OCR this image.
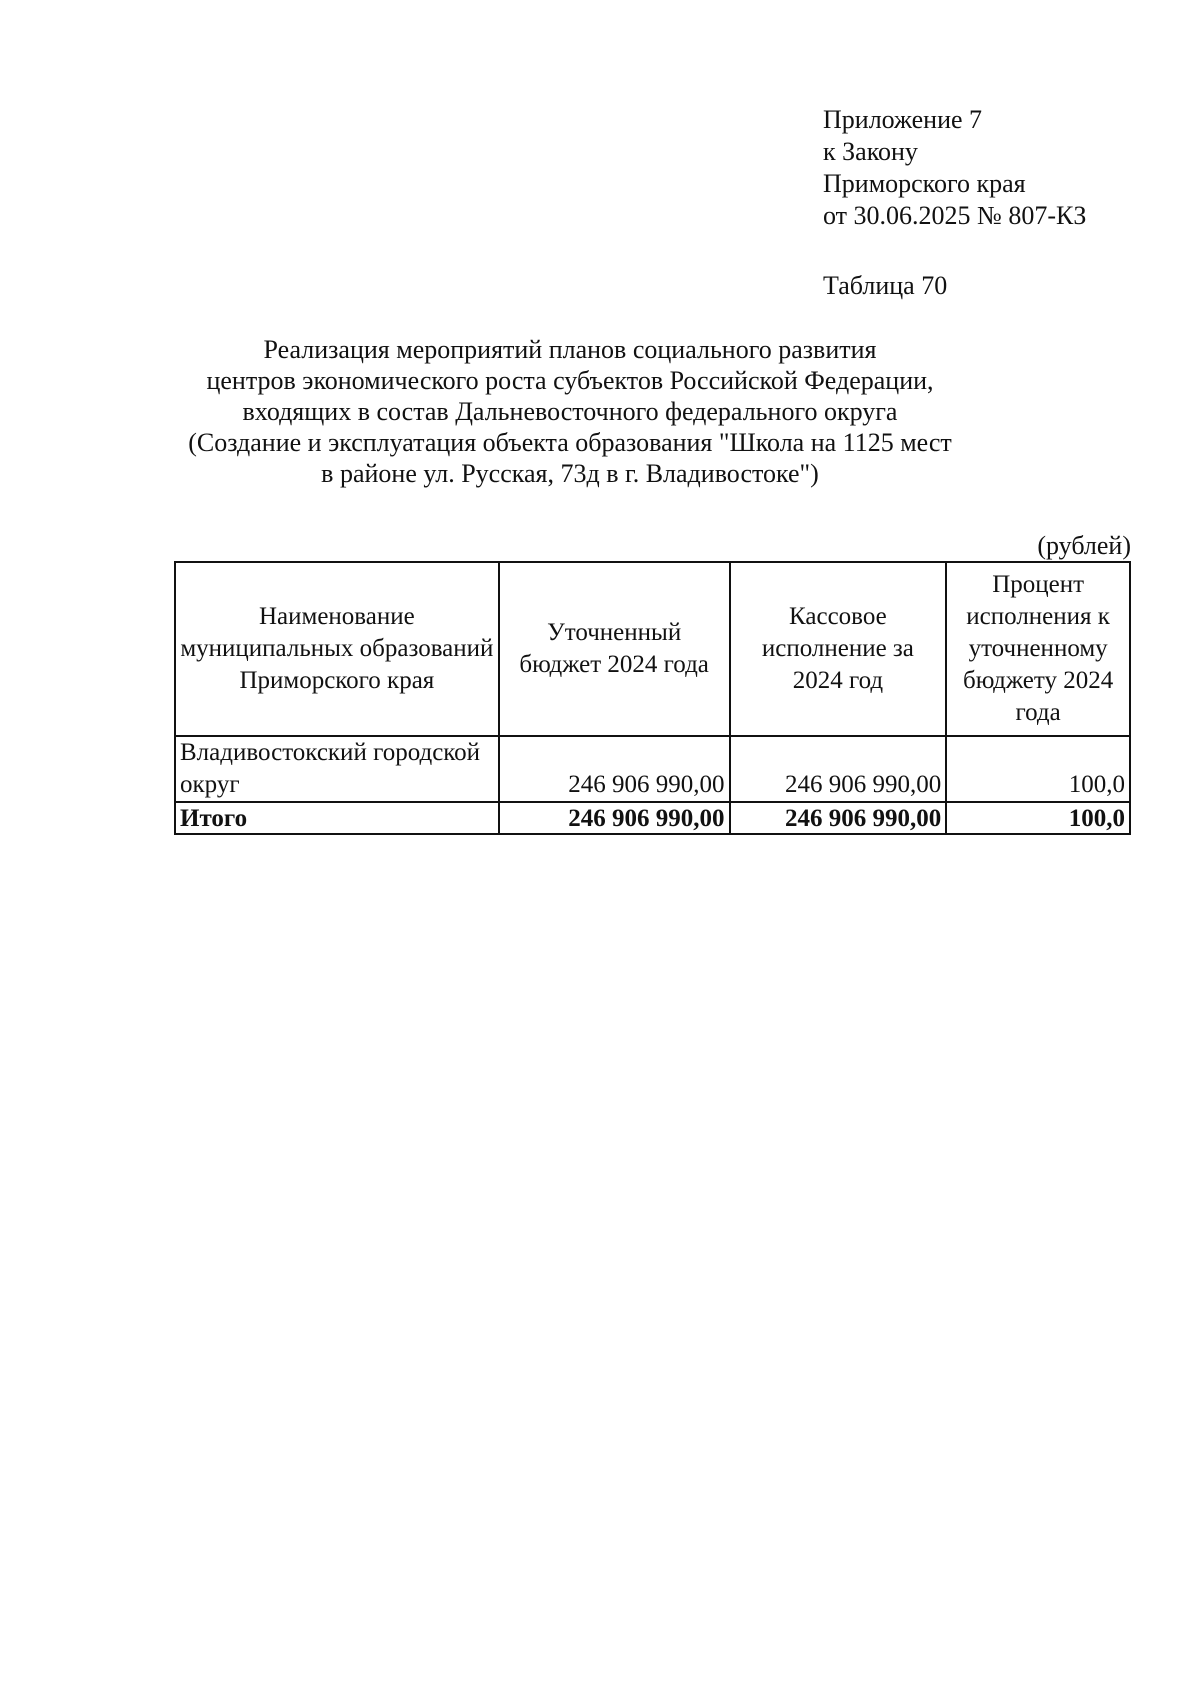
Приложение 7
к Закону
Приморского края
от 30.06.2025 № 807-КЗ
Таблица 70
Реализация мероприятий планов социального развития
центров экономического роста субъектов Российской Федерации,
входящих в состав Дальневосточного федерального округа
(Создание и эксплуатация объекта образования "Школа на 1125 мест
в районе ул. Русская, 73д в г. Владивостоке")
(рублей)
Наименование муниципальных образований Приморского края	Уточненный бюджет 2024 года	Кассовое исполнение за 2024 год	Процент исполнения к уточненному бюджету 2024 года
Владивостокский городской округ	246 906 990,00	246 906 990,00	100,0
Итого	246 906 990,00	246 906 990,00	100,0
